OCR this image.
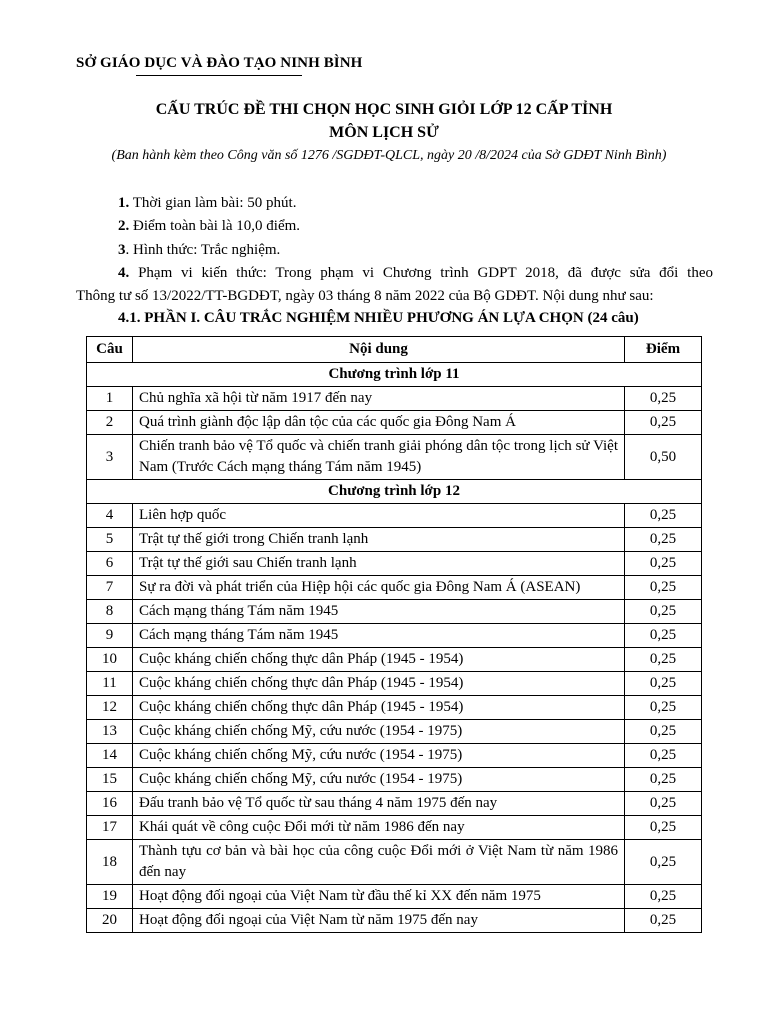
SỞ GIÁO DỤC VÀ ĐÀO TẠO NINH BÌNH
CẤU TRÚC ĐỀ THI CHỌN HỌC SINH GIỎI LỚP 12 CẤP TỈNH
MÔN LỊCH SỬ
(Ban hành kèm theo Công văn số 1276 /SGDĐT-QLCL, ngày 20 /8/2024 của Sở GDĐT Ninh Bình)
1. Thời gian làm bài: 50 phút.
2. Điểm toàn bài là 10,0 điểm.
3. Hình thức: Trắc nghiệm.
4. Phạm vi kiến thức: Trong phạm vi Chương trình GDPT 2018, đã được sửa đổi theo
Thông tư số 13/2022/TT-BGDĐT, ngày 03 tháng 8 năm 2022 của Bộ GDĐT. Nội dung như sau:
4.1. PHẦN I. CÂU TRẮC NGHIỆM NHIỀU PHƯƠNG ÁN LỰA CHỌN (24 câu)
Câu	Nội dung	Điểm
Chương trình lớp 11		
1	Chủ nghĩa xã hội từ năm 1917 đến nay	0,25
2	Quá trình giành độc lập dân tộc của các quốc gia Đông Nam Á	0,25
3	Chiến tranh bảo vệ Tổ quốc và chiến tranh giải phóng dân tộc trong lịch sử Việt Nam (Trước Cách mạng tháng Tám năm 1945)	0,50
Chương trình lớp 12		
4	Liên hợp quốc	0,25
5	Trật tự thế giới trong Chiến tranh lạnh	0,25
6	Trật tự thế giới sau Chiến tranh lạnh	0,25
7	Sự ra đời và phát triển của Hiệp hội các quốc gia Đông Nam Á (ASEAN)	0,25
8	Cách mạng tháng Tám năm 1945	0,25
9	Cách mạng tháng Tám năm 1945	0,25
10	Cuộc kháng chiến chống thực dân Pháp (1945 - 1954)	0,25
11	Cuộc kháng chiến chống thực dân Pháp (1945 - 1954)	0,25
12	Cuộc kháng chiến chống thực dân Pháp (1945 - 1954)	0,25
13	Cuộc kháng chiến chống Mỹ, cứu nước (1954 - 1975)	0,25
14	Cuộc kháng chiến chống Mỹ, cứu nước (1954 - 1975)	0,25
15	Cuộc kháng chiến chống Mỹ, cứu nước (1954 - 1975)	0,25
16	Đấu tranh bảo vệ Tổ quốc từ sau tháng 4 năm 1975 đến nay	0,25
17	Khái quát về công cuộc Đổi mới từ năm 1986 đến nay	0,25
18	Thành tựu cơ bản và bài học của công cuộc Đổi mới ở Việt Nam từ năm 1986 đến nay	0,25
19	Hoạt động đối ngoại của Việt Nam từ đầu thế kỉ XX đến năm 1975	0,25
20	Hoạt động đối ngoại của Việt Nam từ năm 1975 đến nay	0,25
